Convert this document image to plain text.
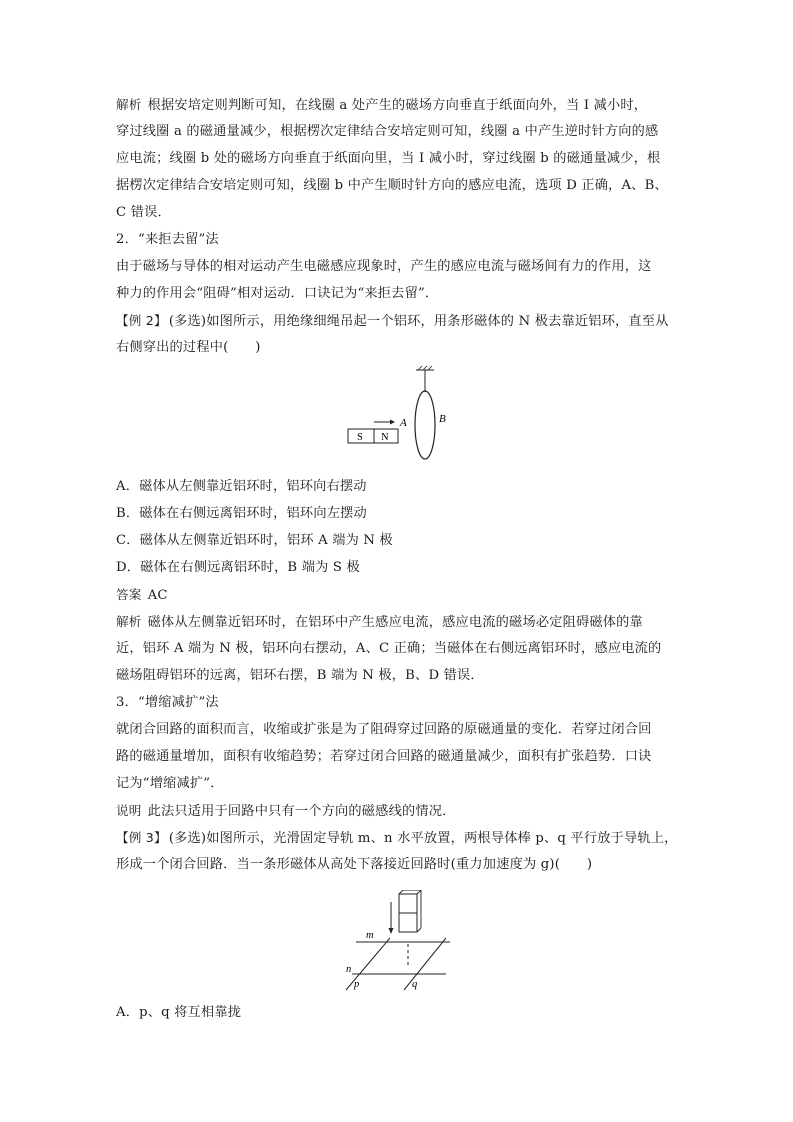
解析 根据安培定则判断可知，在线圈 a 处产生的磁场方向垂直于纸面向外，当 I 减小时，
穿过线圈 a 的磁通量减少，根据楞次定律结合安培定则可知，线圈 a 中产生逆时针方向的感
应电流；线圈 b 处的磁场方向垂直于纸面向里，当 I 减小时，穿过线圈 b 的磁通量减少，根
据楞次定律结合安培定则可知，线圈 b 中产生顺时针方向的感应电流，选项 D 正确，A、B、
C 错误．
2．“来拒去留”法
由于磁场与导体的相对运动产生电磁感应现象时，产生的感应电流与磁场间有力的作用，这
种力的作用会“阻碍”相对运动．口诀记为“来拒去留”．
【例 2】 (多选)如图所示，用绝缘细绳吊起一个铝环，用条形磁体的 N 极去靠近铝环，直至从
右侧穿出的过程中(　　)
A	B
S N
A．磁体从左侧靠近铝环时，铝环向右摆动
B．磁体在右侧远离铝环时，铝环向左摆动
C．磁体从左侧靠近铝环时，铝环 A 端为 N 极
D．磁体在右侧远离铝环时，B 端为 S 极
答案 AC
解析 磁体从左侧靠近铝环时，在铝环中产生感应电流，感应电流的磁场必定阻碍磁体的靠
近，铝环 A 端为 N 极，铝环向右摆动，A、C 正确；当磁体在右侧远离铝环时，感应电流的
磁场阻碍铝环的远离，铝环右摆，B 端为 N 极，B、D 错误．
3．“增缩减扩”法
就闭合回路的面积而言，收缩或扩张是为了阻碍穿过回路的原磁通量的变化．若穿过闭合回
路的磁通量增加，面积有收缩趋势；若穿过闭合回路的磁通量减少，面积有扩张趋势．口诀
记为“增缩减扩”．
说明 此法只适用于回路中只有一个方向的磁感线的情况．
【例 3】 (多选)如图所示，光滑固定导轨 m、n 水平放置，两根导体棒 p、q 平行放于导轨上，
形成一个闭合回路．当一条形磁体从高处下落接近回路时(重力加速度为 g)(　　)
m
n
p	q
A．p、q 将互相靠拢
